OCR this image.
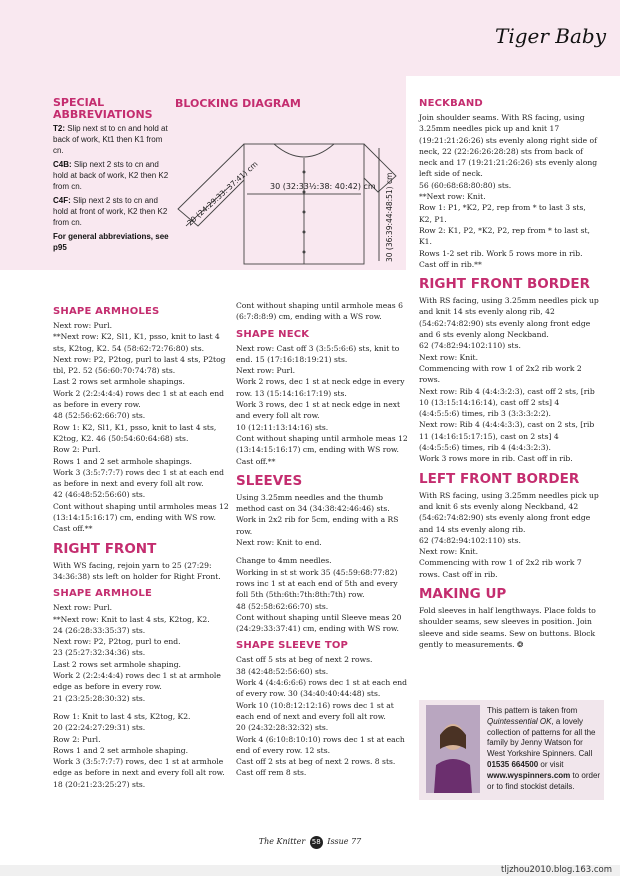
Tiger Baby
SPECIAL ABBREVIATIONS

T2: Slip next st to cn and hold at back of work, Kt1 then K1 from cn.

C4B: Slip next 2 sts to cn and hold at back of work, K2 then K2 from cn.

C4F: Slip next 2 sts to cn and hold at front of work, K2 then K2 from cn.

For general abbreviations, see p95

BLOCKING DIAGRAM
30 (32:33½:38: 40:42) cm 30 (36:39:44:48:51) cm
20 (24:29:33: 37:41) cm
SHAPE ARMHOLES

Next row: Purl.

**Next row: K2, Sl1, K1, psso, knit to last 4 sts, K2tog, K2. 54 (58:62:72:76:80) sts.

Next row: P2, P2tog, purl to last 4 sts, P2tog tbl, P2. 52 (56:60:70:74:78) sts.

Last 2 rows set armhole shapings.

Work 2 (2:2:4:4:4) rows dec 1 st at each end as before in every row.

48 (52:56:62:66:70) sts.

Row 1: K2, Sl1, K1, psso, knit to last 4 sts, K2tog, K2. 46 (50:54:60:64:68) sts.

Row 2: Purl.

Rows 1 and 2 set armhole shapings.

Work 3 (3:5:7:7:7) rows dec 1 st at each end as before in next and every foll alt row.

42 (46:48:52:56:60) sts.

Cont without shaping until armholes meas 12 (13:14:15:16:17) cm, ending with WS row. Cast off.**

RIGHT FRONT

With WS facing, rejoin yarn to 25 (27:29: 34:36:38) sts left on holder for Right Front.

SHAPE ARMHOLE

Next row: Purl.

**Next row: Knit to last 4 sts, K2tog, K2.

24 (26:28:33:35:37) sts.

Next row: P2, P2tog, purl to end.

23 (25:27:32:34:36) sts.

Last 2 rows set armhole shaping.

Work 2 (2:2:4:4:4) rows dec 1 st at armhole edge as before in every row.

21 (23:25:28:30:32) sts.

Row 1: Knit to last 4 sts, K2tog, K2.

20 (22:24:27:29:31) sts.

Row 2: Purl.

Rows 1 and 2 set armhole shaping.

Work 3 (3:5:7:7:7) rows, dec 1 st at armhole edge as before in next and every foll alt row.

18 (20:21:23:25:27) sts.

Cont without shaping until armhole meas 6 (6:7:8:8:9) cm, ending with a WS row.

SHAPE NECK

Next row: Cast off 3 (3:5:5:6:6) sts, knit to end. 15 (17:16:18:19:21) sts.

Next row: Purl.

Work 2 rows, dec 1 st at neck edge in every row. 13 (15:14:16:17:19) sts.

Work 3 rows, dec 1 st at neck edge in next and every foll alt row.

10 (12:11:13:14:16) sts.

Cont without shaping until armhole meas 12 (13:14:15:16:17) cm, ending with WS row. Cast off.**

SLEEVES

Using 3.25mm needles and the thumb method cast on 34 (34:38:42:46:46) sts.

Work in 2x2 rib for 5cm, ending with a RS row.

Next row: Knit to end.

Change to 4mm needles.

Working in st st work 35 (45:59:68:77:82) rows inc 1 st at each end of 5th and every foll 5th (5th:6th:7th:8th:7th) row.

48 (52:58:62:66:70) sts.

Cont without shaping until Sleeve meas 20 (24:29:33:37:41) cm, ending with WS row.

SHAPE SLEEVE TOP

Cast off 5 sts at beg of next 2 rows.

38 (42:48:52:56:60) sts.

Work 4 (4:4:6:6:6) rows dec 1 st at each end of every row. 30 (34:40:40:44:48) sts.

Work 10 (10:8:12:12:16) rows dec 1 st at each end of next and every foll alt row.

20 (24:32:28:32:32) sts.

Work 4 (6:10:8:10:10) rows dec 1 st at each end of every row. 12 sts.

Cast off 2 sts at beg of next 2 rows. 8 sts.

Cast off rem 8 sts.

NECKBAND

Join shoulder seams. With RS facing, using 3.25mm needles pick up and knit 17 (19:21:21:26:26) sts evenly along right side of neck, 22 (22:26:26:28:28) sts from back of neck and 17 (19:21:21:26:26) sts evenly along left side of neck.

56 (60:68:68:80:80) sts.

**Next row: Knit.

Row 1: P1, *K2, P2, rep from * to last 3 sts, K2, P1.

Row 2: K1, P2, *K2, P2, rep from * to last st, K1.

Rows 1-2 set rib. Work 5 rows more in rib. Cast off in rib.**

RIGHT FRONT BORDER

With RS facing, using 3.25mm needles pick up and knit 14 sts evenly along rib, 42 (54:62:74:82:90) sts evenly along front edge and 6 sts evenly along Neckband.

62 (74:82:94:102:110) sts.

Next row: Knit.

Commencing with row 1 of 2x2 rib work 2 rows.

Next row: Rib 4 (4:4:3:2:3), cast off 2 sts, [rib 10 (13:15:14:16:14), cast off 2 sts] 4 (4:4:5:5:6) times, rib 3 (3:3:3:2:2).

Next row: Rib 4 (4:4:4:3:3), cast on 2 sts, [rib 11 (14:16:15:17:15), cast on 2 sts] 4 (4:4:5:5:6) times, rib 4 (4:4:3:2:3).

Work 3 rows more in rib. Cast off in rib.

LEFT FRONT BORDER

With RS facing, using 3.25mm needles pick up and knit 6 sts evenly along Neckband, 42 (54:62:74:82:90) sts evenly along front edge and 14 sts evenly along rib.

62 (74:82:94:102:110) sts.

Next row: Knit.

Commencing with row 1 of 2x2 rib work 7 rows. Cast off in rib.

MAKING UP

Fold sleeves in half lengthways. Place folds to shoulder seams, sew sleeves in position. Join sleeve and side seams. Sew on buttons. Block gently to measurements. ❂

This pattern is taken from Quintessential OK, a lovely collection of patterns for all the family by Jenny Watson for West Yorkshire Spinners. Call 01535 664500 or visit www.wyspinners.com to order or to find stockist details.
The Knitter 58 Issue 77
tljzhou2010.blog.163.com
